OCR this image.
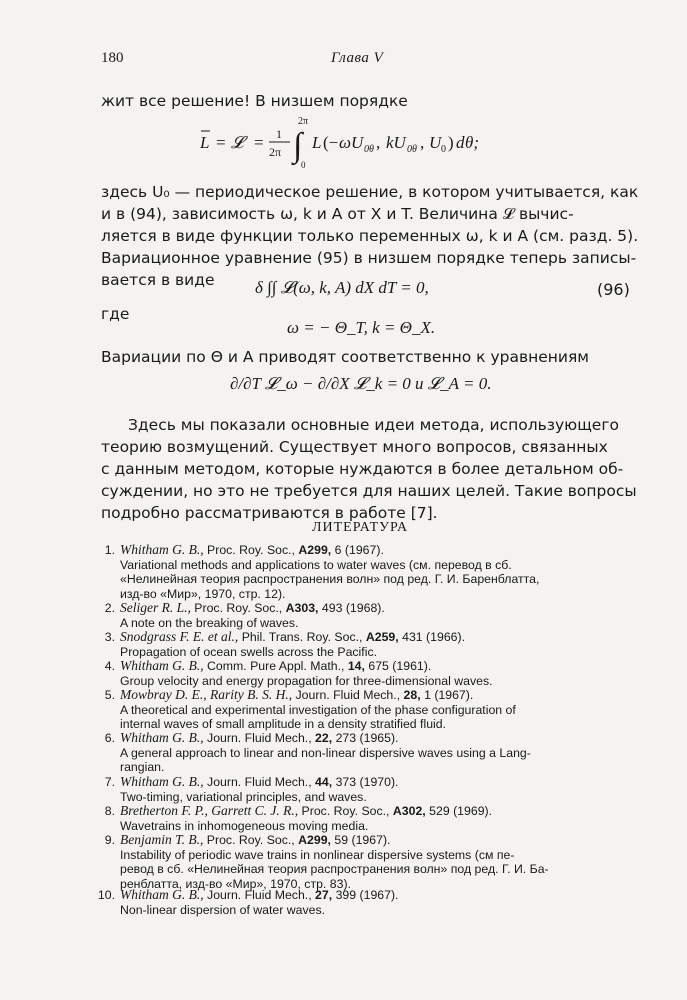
180	Глава V
жит все решение! В низшем порядке
L = 𝓛 = 1
2π ∫
2π
0
L (− ωU 0θ , kU 0θ , U 0 ) d θ;
здесь U₀ — периодическое решение, в котором учитывается, как
и в (94), зависимость ω, k и A от X и T. Величина 𝓛 вычис-
ляется в виде функции только переменных ω, k и A (см. разд. 5).
Вариационное уравнение (95) в низшем порядке теперь записы-
вается в виде δ ∫∫ 𝓛(ω, k, A) dX dT = 0,	(96)
где
ω = − Θ_T, k = Θ_X.
Вариации по Θ и A приводят соответственно к уравнениям
∂/∂T 𝓛_ω − ∂/∂X 𝓛_k = 0 и 𝓛_A = 0.
Здесь мы показали основные идеи метода, использующего
теорию возмущений. Существует много вопросов, связанных
с данным методом, которые нуждаются в более детальном об-
суждении, но это не требуется для наших целей. Такие вопросы
подробно рассматриваются в работе [7].
ЛИТЕРАТУРА
1. Whitham G. B., Proc. Roy. Soc., A299, 6 (1967).
Variational methods and applications to water waves (см. перевод в сб.
«Нелинейная теория распространения волн» под ред. Г. И. Баренблатта,
изд-во «Мир», 1970, стр. 12).
2. Seliger R. L., Proc. Roy. Soc., A303, 493 (1968).
A note on the breaking of waves.
3. Snodgrass F. E. et al., Phil. Trans. Roy. Soc., A259, 431 (1966).
Propagation of ocean swells across the Pacific.
4. Whitham G. B., Comm. Pure Appl. Math., 14, 675 (1961).
Group velocity and energy propagation for three-dimensional waves.
5. Mowbray D. E., Rarity B. S. H., Journ. Fluid Mech., 28, 1 (1967).
A theoretical and experimental investigation of the phase configuration of
internal waves of small amplitude in a density stratified fluid.
6. Whitham G. B., Journ. Fluid Mech., 22, 273 (1965).
A general approach to linear and non-linear dispersive waves using a Lang-
rangian.
7. Whitham G. B., Journ. Fluid Mech., 44, 373 (1970).
Two-timing, variational principles, and waves.
8. Bretherton F. P., Garrett C. J. R., Proc. Roy. Soc., A302, 529 (1969).
Wavetrains in inhomogeneous moving media.
9. Benjamin T. B., Proc. Roy. Soc., A299, 59 (1967).
Instability of periodic wave trains in nonlinear dispersive systems (см пе-
ревод в сб. «Нелинейная теория распространения волн» под ред. Г. И. Ба-
ренблатта, изд-во «Мир», 1970, стр. 83).
10. Whitham G. B., Journ. Fluid Mech., 27, 399 (1967).
Non-linear dispersion of water waves.
